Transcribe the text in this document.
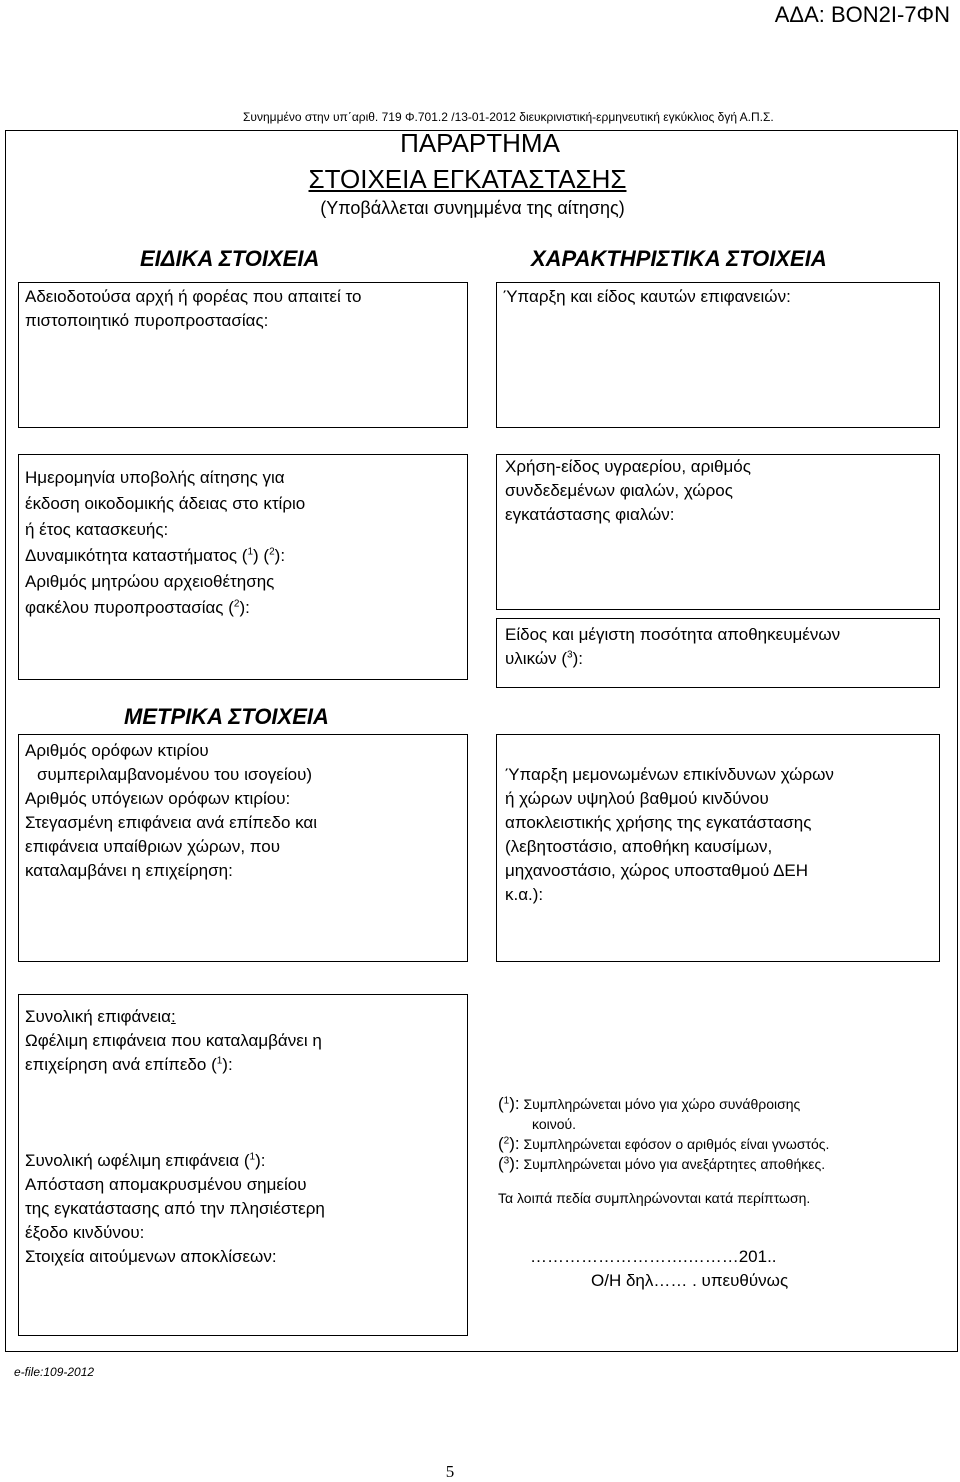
ΑΔΑ: ΒΟΝ2Ι-7ΦΝ
Συνημμένο στην υπ΄αριθ. 719 Φ.701.2 /13-01-2012 διευκρινιστική-ερμηνευτική εγκύκλιος δγή Α.Π.Σ.
ΠΑΡΑΡΤΗΜΑ
ΣΤΟΙΧΕΙΑ ΕΓΚΑΤΑΣΤΑΣΗΣ
(Υποβάλλεται συνημμένα της αίτησης)
ΕΙΔΙΚΑ ΣΤΟΙΧΕΙΑ	ΧΑΡΑΚΤΗΡΙΣΤΙΚΑ ΣΤΟΙΧΕΙΑ
Αδειοδοτούσα αρχή ή φορέας που απαιτεί το
πιστοποιητικό πυροπροστασίας:
Ύπαρξη και είδος καυτών επιφανειών:
Ημερομηνία υποβολής αίτησης για
έκδοση οικοδομικής άδειας στο κτίριο
ή έτος κατασκευής:
Δυναμικότητα καταστήματος ($^1$) ($^2$):
Αριθμός μητρώου αρχειοθέτησης
φακέλου πυροπροστασίας ($^2$):
Χρήση-είδος υγραερίου, αριθμός
συνδεδεμένων φιαλών, χώρος
εγκατάστασης φιαλών:
Είδος και μέγιστη ποσότητα αποθηκευμένων
υλικών ($^3$):
ΜΕΤΡΙΚΑ ΣΤΟΙΧΕΙΑ
Αριθμός ορόφων κτιρίου
συμπεριλαμβανομένου του ισογείου)
Αριθμός υπόγειων ορόφων κτιρίου:
Στεγασμένη επιφάνεια ανά επίπεδο και
επιφάνεια υπαίθριων χώρων, που
καταλαμβάνει η επιχείρηση:
Ύπαρξη μεμονωμένων επικίνδυνων χώρων
ή χώρων υψηλού βαθμού κινδύνου
αποκλειστικής χρήσης της εγκατάστασης
(λεβητοστάσιο, αποθήκη καυσίμων,
μηχανοστάσιο, χώρος υποσταθμού ΔΕΗ
κ.α.):
Συνολική επιφάνεια:
Ωφέλιμη επιφάνεια που καταλαμβάνει η
επιχείρηση ανά επίπεδο ($^1$):
Συνολική ωφέλιμη επιφάνεια ($^1$):
Απόσταση απομακρυσμένου σημείου
της εγκατάστασης από την πλησιέστερη
έξοδο κινδύνου:
Στοιχεία αιτούμενων αποκλίσεων:
($^1$): Συμπληρώνεται μόνο για χώρο συνάθροισης
κοινού.
($^2$): Συμπληρώνεται εφόσον ο αριθμός είναι γνωστός.
($^3$): Συμπληρώνεται μόνο για ανεξάρτητες αποθήκες.
Τα λοιπά πεδία συμπληρώνονται κατά περίπτωση.
……………………….………201..
Ο/Η δηλ…… . υπευθύνως
e-file:109-2012
5
